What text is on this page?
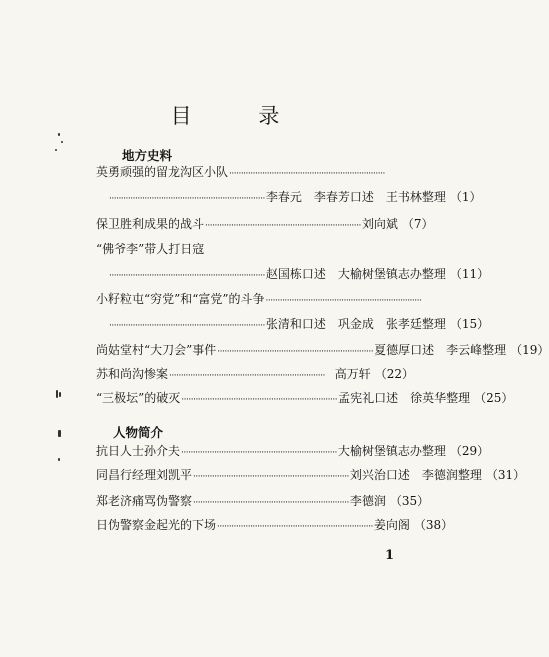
目 录
地方史料
英勇顽强的留龙沟区小队 ··································································
·································································· 李春元　李春芳口述　王书林整理 （1）
保卫胜利成果的战斗 ·································································· 刘向斌 （7）
“佛爷李”带人打日寇
·································································· 赵国栋口述　大榆树堡镇志办整理 （11）
小籽粒屯“穷党”和“富党”的斗争 ··································································
·································································· 张清和口述　巩金成　张孝廷整理 （15）
尚姑堂村“大刀会”事件 ·································································· 夏德厚口述　李云峰整理 （19）
苏和尚沟惨案 ·································································· 高万轩 （22）
“三极坛”的破灭 ·································································· 孟宪礼口述　徐英华整理 （25）
人物简介
抗日人士孙介夫 ·································································· 大榆树堡镇志办整理 （29）
同昌行经理刘凯平 ·································································· 刘兴治口述　李德润整理 （31）
郑老济痛骂伪警察 ·································································· 李德润 （35）
日伪警察金起光的下场 ·································································· 姜向阁 （38）
1
